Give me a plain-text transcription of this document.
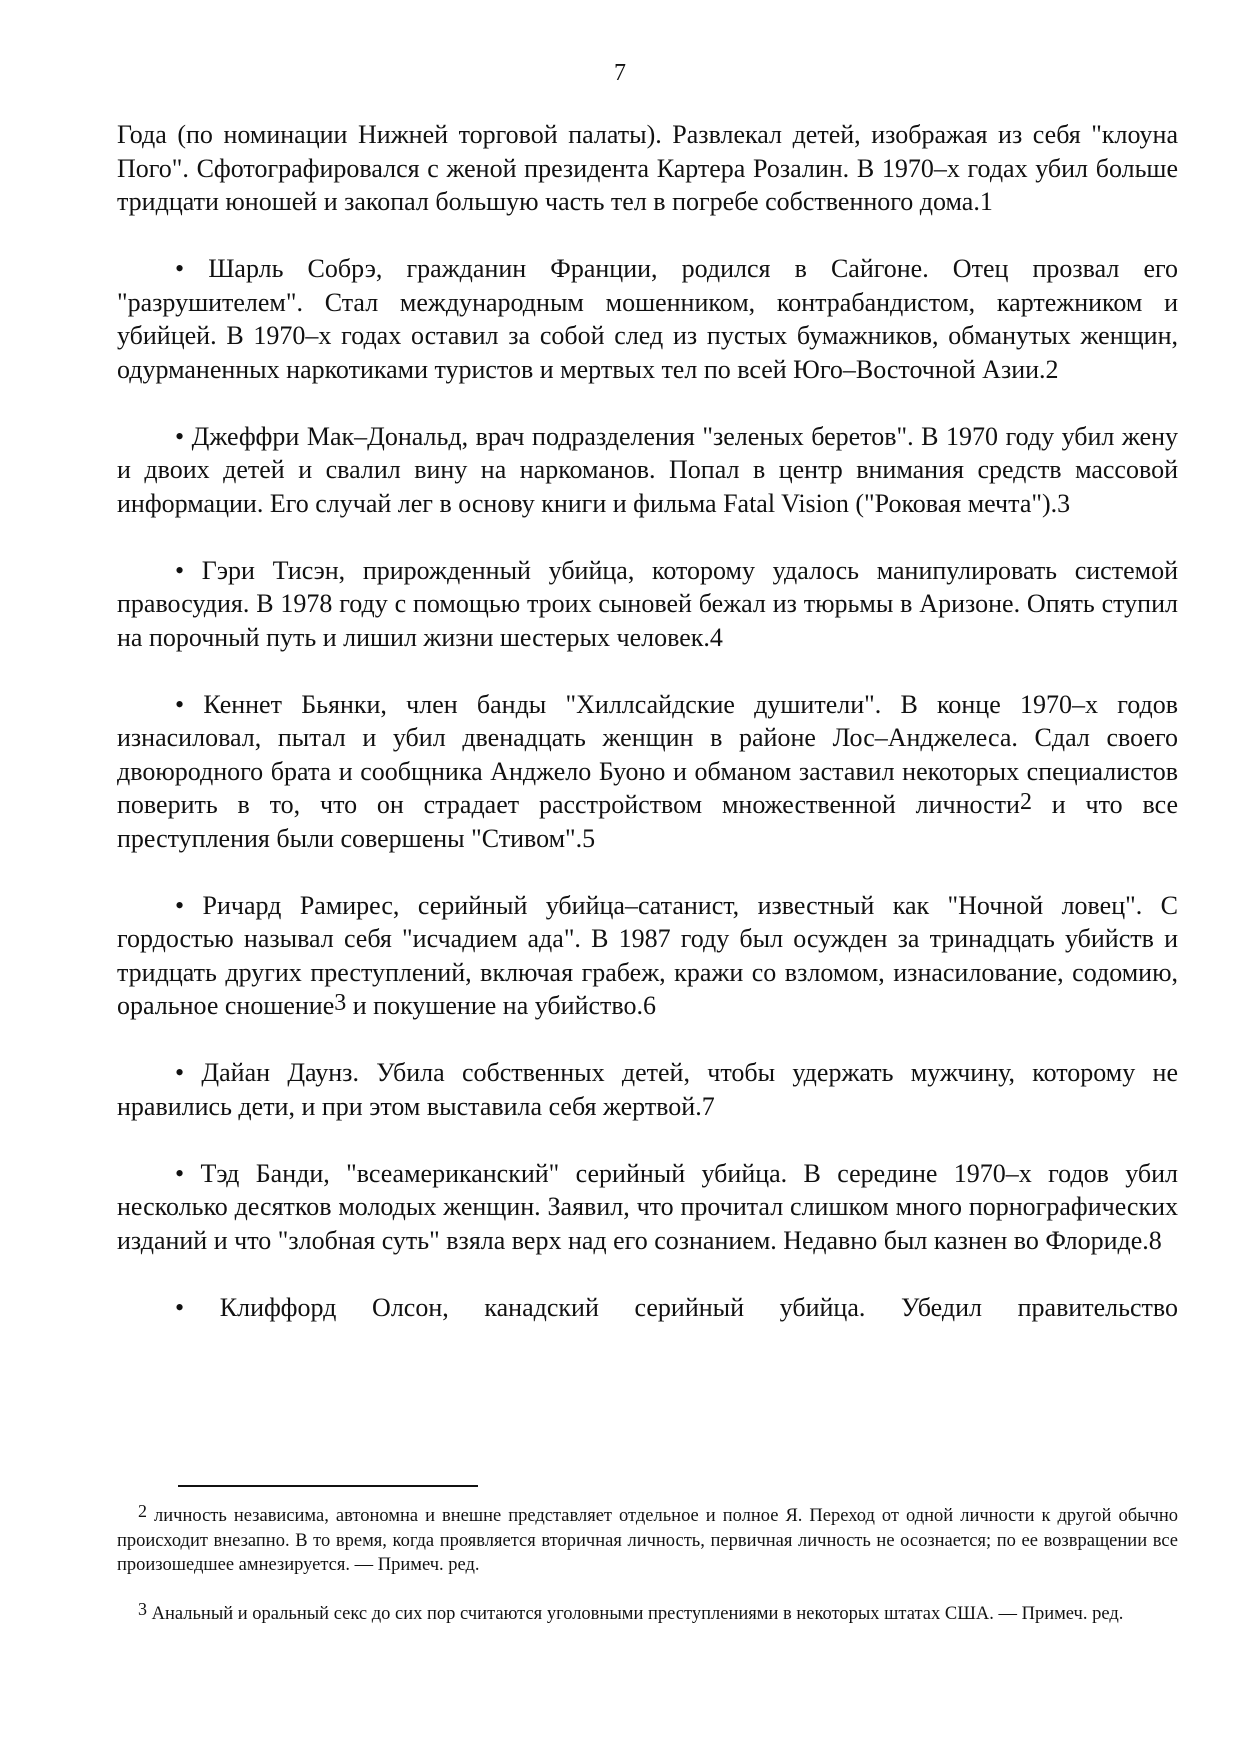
7

Года (по номинации Нижней торговой палаты). Развлекал детей, изображая из себя "клоуна Пого". Сфотографировался с женой президента Картера Розалин. В 1970–х годах убил больше тридцати юношей и закопал большую часть тел в погребе собственного дома.1

• Шарль Собрэ, гражданин Франции, родился в Сайгоне. Отец прозвал его "разрушителем". Стал международным мошенником, контрабандистом, картежником и убийцей. В 1970–х годах оставил за собой след из пустых бумажников, обманутых женщин, одурманенных наркотиками туристов и мертвых тел по всей Юго–Восточной Азии.2

• Джеффри Мак–Дональд, врач подразделения "зеленых беретов". В 1970 году убил жену и двоих детей и свалил вину на наркоманов. Попал в центр внимания средств массовой информации. Его случай лег в основу книги и фильма Fatal Vision ("Роковая мечта").3

• Гэри Тисэн, прирожденный убийца, которому удалось манипулировать системой правосудия. В 1978 году с помощью троих сыновей бежал из тюрьмы в Аризоне. Опять ступил на порочный путь и лишил жизни шестерых человек.4

• Кеннет Бьянки, член банды "Хиллсайдские душители". В конце 1970–х годов изнасиловал, пытал и убил двенадцать женщин в районе Лос–Анджелеса. Сдал своего двоюродного брата и сообщника Анджело Буоно и обманом заставил некоторых специалистов поверить в то, что он страдает расстройством множественной личности$^2$ и что все преступления были совершены "Стивом".5

• Ричард Рамирес, серийный убийца–сатанист, известный как "Ночной ловец". С гордостью называл себя "исчадием ада". В 1987 году был осужден за тринадцать убийств и тридцать других преступлений, включая грабеж, кражи со взломом, изнасилование, содомию, оральное сношение$^3$ и покушение на убийство.6

• Дайан Даунз. Убила собственных детей, чтобы удержать мужчину, которому не нравились дети, и при этом выставила себя жертвой.7

• Тэд Банди, "всеамериканский" серийный убийца. В середине 1970–х годов убил несколько десятков молодых женщин. Заявил, что прочитал слишком много порнографических изданий и что "злобная суть" взяла верх над его сознанием. Недавно был казнен во Флориде.8

• Клиффорд Олсон, канадский серийный убийца. Убедил правительство

$^2$ личность независима, автономна и внешне представляет отдельное и полное Я. Переход от одной личности к другой обычно происходит внезапно. В то время, когда проявляется вторичная личность, первичная личность не осознается; по ее возвращении все произошедшее амнезируется. — Примеч. ред.
$^3$ Анальный и оральный секс до сих пор считаются уголовными преступлениями в некоторых штатах США. — Примеч. ред.
